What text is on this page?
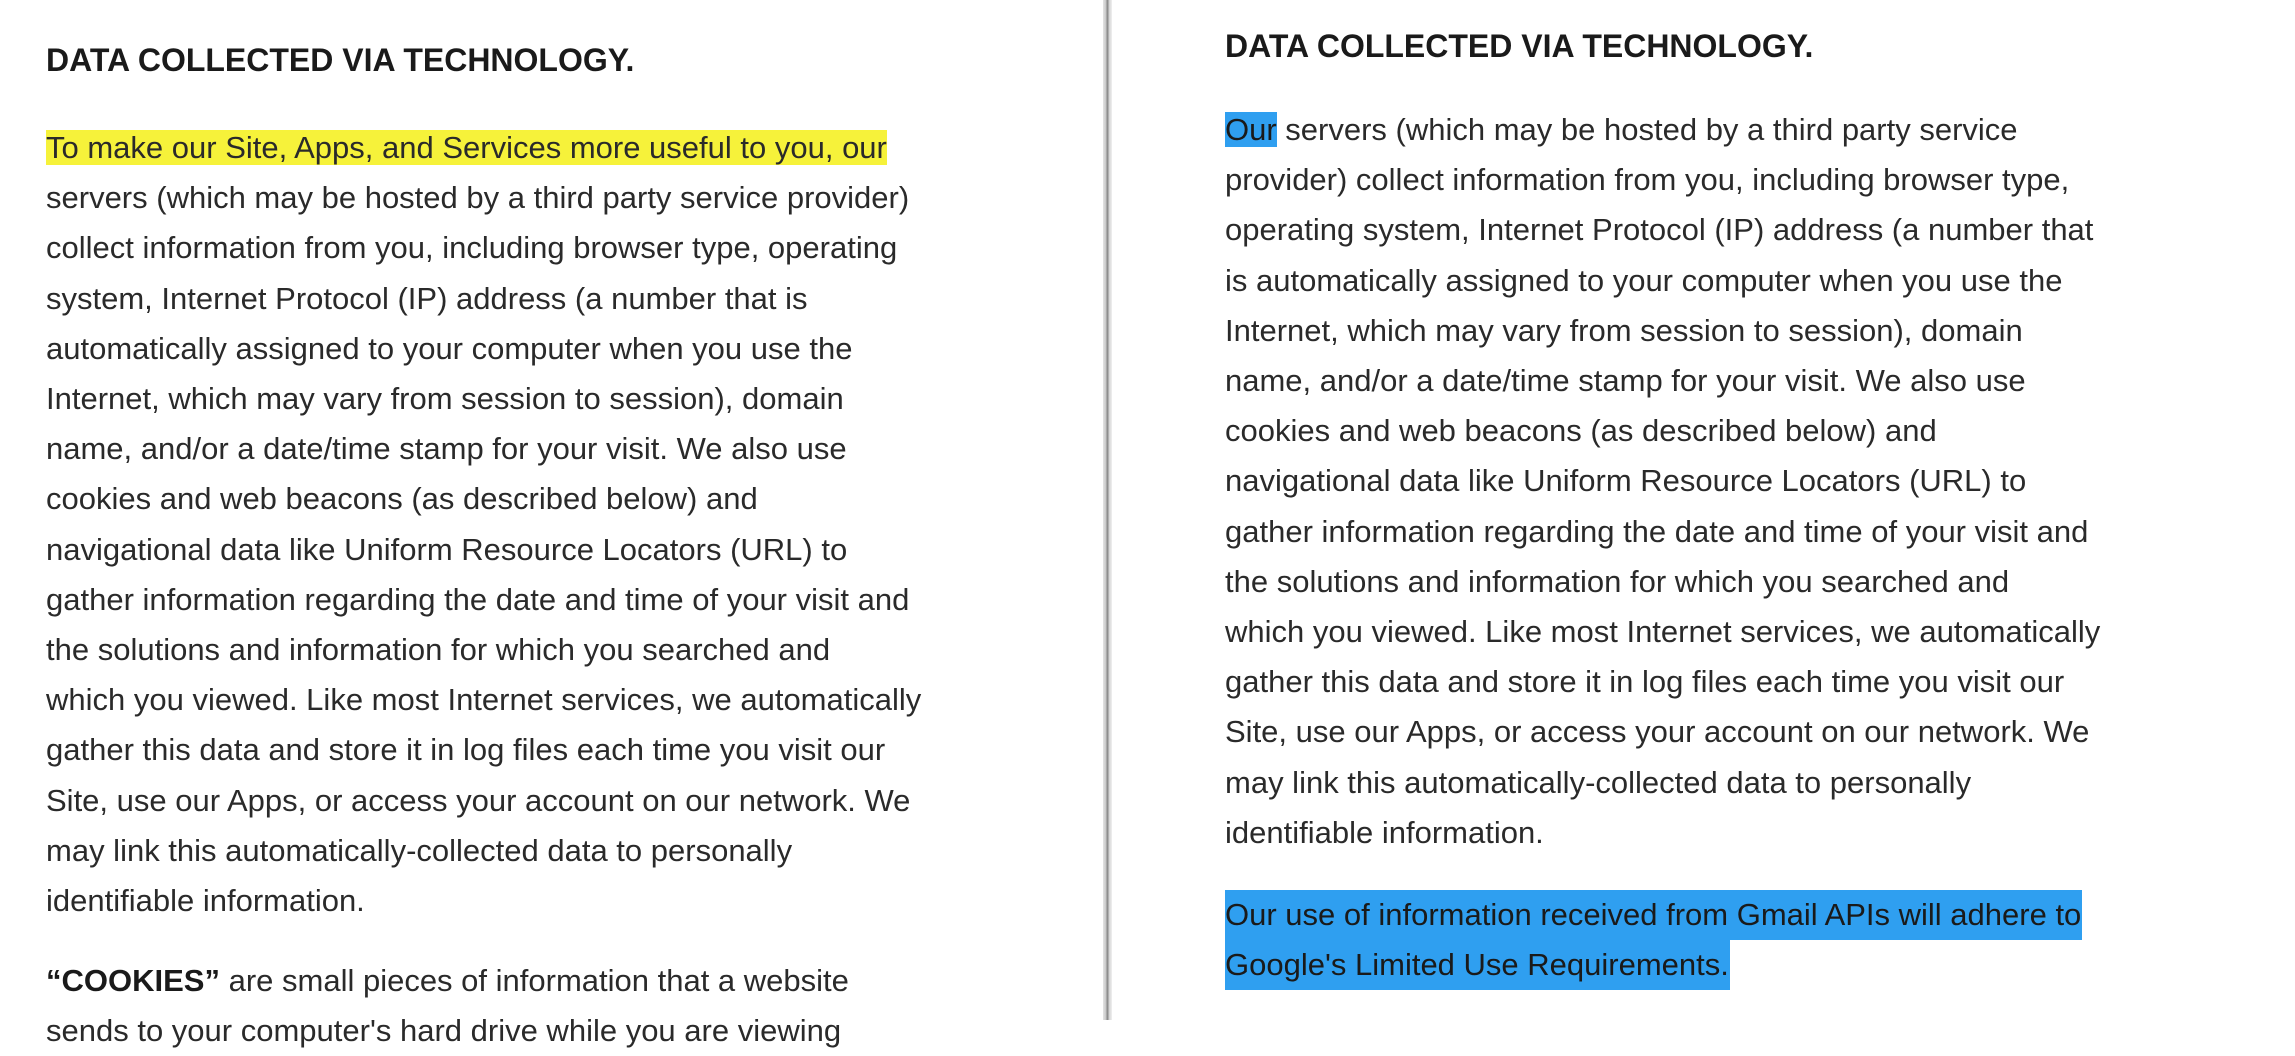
DATA COLLECTED VIA TECHNOLOGY.

To make our Site, Apps, and Services more useful to you, our
servers (which may be hosted by a third party service provider)
collect information from you, including browser type, operating
system, Internet Protocol (IP) address (a number that is
automatically assigned to your computer when you use the
Internet, which may vary from session to session), domain
name, and/or a date/time stamp for your visit. We also use
cookies and web beacons (as described below) and
navigational data like Uniform Resource Locators (URL) to
gather information regarding the date and time of your visit and
the solutions and information for which you searched and
which you viewed. Like most Internet services, we automatically
gather this data and store it in log files each time you visit our
Site, use our Apps, or access your account on our network. We
may link this automatically-collected data to personally
identifiable information.

“COOKIES” are small pieces of information that a website
sends to your computer's hard drive while you are viewing

DATA COLLECTED VIA TECHNOLOGY.

Our servers (which may be hosted by a third party service
provider) collect information from you, including browser type,
operating system, Internet Protocol (IP) address (a number that
is automatically assigned to your computer when you use the
Internet, which may vary from session to session), domain
name, and/or a date/time stamp for your visit. We also use
cookies and web beacons (as described below) and
navigational data like Uniform Resource Locators (URL) to
gather information regarding the date and time of your visit and
the solutions and information for which you searched and
which you viewed. Like most Internet services, we automatically
gather this data and store it in log files each time you visit our
Site, use our Apps, or access your account on our network. We
may link this automatically-collected data to personally
identifiable information.

Our use of information received from Gmail APIs will adhere to
Google's Limited Use Requirements.
